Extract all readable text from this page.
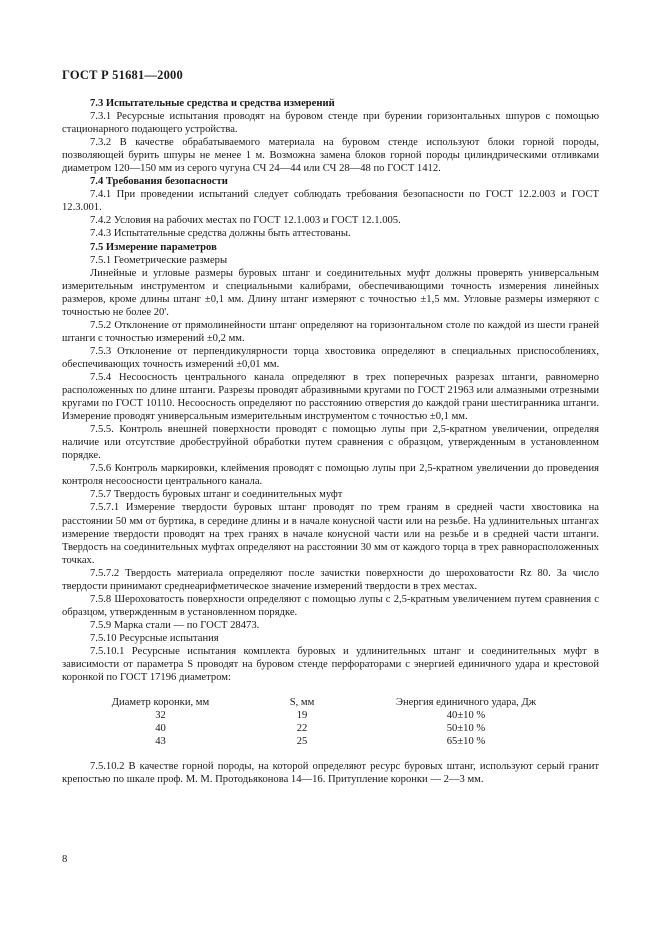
ГОСТ Р 51681—2000

7.3 Испытательные средства и средства измерений

7.3.1 Ресурсные испытания проводят на буровом стенде при бурении горизонтальных шпуров с помощью стационарного подающего устройства.

7.3.2 В качестве обрабатываемого материала на буровом стенде используют блоки горной породы, позволяющей бурить шпуры не менее 1 м. Возможна замена блоков горной породы цилиндрическими отливками диаметром 120—150 мм из серого чугуна СЧ 24—44 или СЧ 28—48 по ГОСТ 1412.

7.4 Требования безопасности

7.4.1 При проведении испытаний следует соблюдать требования безопасности по ГОСТ 12.2.003 и ГОСТ 12.3.001.

7.4.2 Условия на рабочих местах по ГОСТ 12.1.003 и ГОСТ 12.1.005.

7.4.3 Испытательные средства должны быть аттестованы.

7.5 Измерение параметров

7.5.1 Геометрические размеры

Линейные и угловые размеры буровых штанг и соединительных муфт должны проверять универсальным измерительным инструментом и специальными калибрами, обеспечивающими точность измерения линейных размеров, кроме длины штанг ±0,1 мм. Длину штанг измеряют с точностью ±1,5 мм. Угловые размеры измеряют с точностью не более 20'.

7.5.2 Отклонение от прямолинейности штанг определяют на горизонтальном столе по каждой из шести граней штанги с точностью измерений ±0,2 мм.

7.5.3 Отклонение от перпендикулярности торца хвостовика определяют в специальных приспособлениях, обеспечивающих точность измерений ±0,01 мм.

7.5.4 Несоосность центрального канала определяют в трех поперечных разрезах штанги, равномерно расположенных по длине штанги. Разрезы проводят абразивными кругами по ГОСТ 21963 или алмазными отрезными кругами по ГОСТ 10110. Несоосность определяют по расстоянию отверстия до каждой грани шестигранника штанги. Измерение проводят универсальным измерительным инструментом с точностью ±0,1 мм.

7.5.5. Контроль внешней поверхности проводят с помощью лупы при 2,5-кратном увеличении, определяя наличие или отсутствие дробеструйной обработки путем сравнения с образцом, утвержденным в установленном порядке.

7.5.6 Контроль маркировки, клеймения проводят с помощью лупы при 2,5-кратном увеличении до проведения контроля несоосности центрального канала.

7.5.7 Твердость буровых штанг и соединительных муфт

7.5.7.1 Измерение твердости буровых штанг проводят по трем граням в средней части хвостовика на расстоянии 50 мм от буртика, в середине длины и в начале конусной части или на резьбе. На удлинительных штангах измерение твердости проводят на трех гранях в начале конусной части или на резьбе и в средней части штанги. Твердость на соединительных муфтах определяют на расстоянии 30 мм от каждого торца в трех равнорасположенных точках.

7.5.7.2 Твердость материала определяют после зачистки поверхности до шероховатости Rz 80. За число твердости принимают среднеарифметическое значение измерений твердости в трех местах.

7.5.8 Шероховатость поверхности определяют с помощью лупы с 2,5-кратным увеличением путем сравнения с образцом, утвержденным в установленном порядке.

7.5.9 Марка стали — по ГОСТ 28473.

7.5.10 Ресурсные испытания

7.5.10.1 Ресурсные испытания комплекта буровых и удлинительных штанг и соединительных муфт в зависимости от параметра S проводят на буровом стенде перфораторами с энергией единичного удара и крестовой коронкой по ГОСТ 17196 диаметром:

Диаметр коронки, мм	S, мм	Энергия единичного удара, Дж
32	19	40±10 %
40	22	50±10 %
43	25	65±10 %

7.5.10.2 В качестве горной породы, на которой определяют ресурс буровых штанг, используют серый гранит крепостью по шкале проф. М. М. Протодьяконова 14—16. Притупление коронки — 2—3 мм.

8
